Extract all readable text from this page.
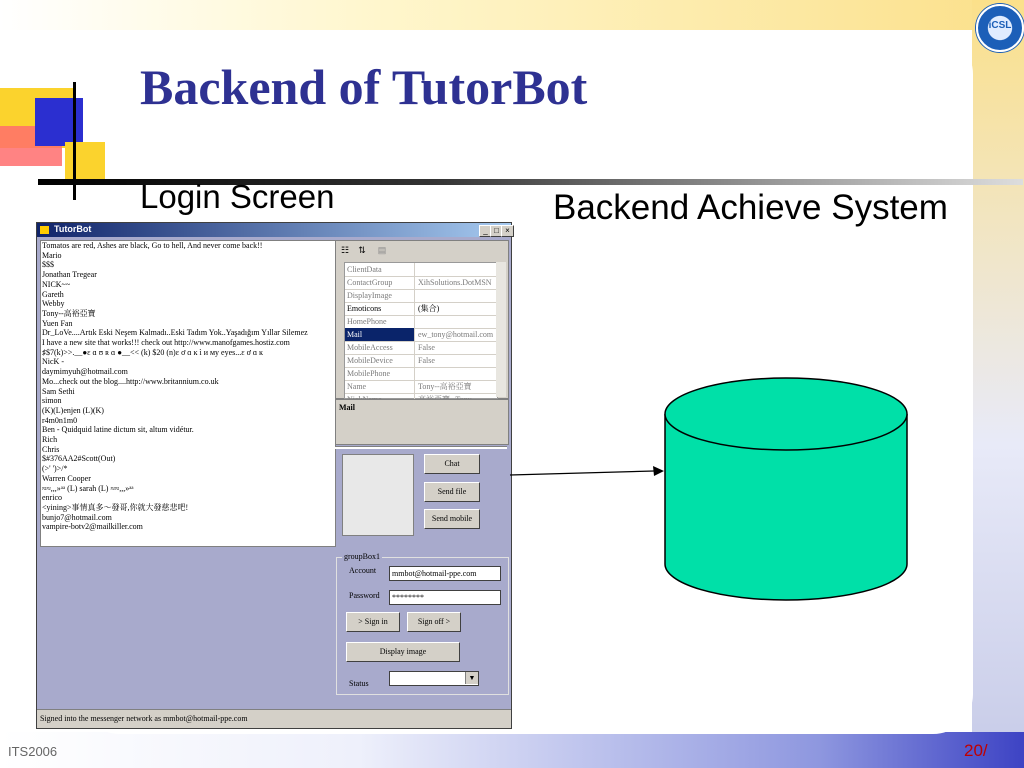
iCSL
Backend of TutorBot
Login Screen	Backend Achieve System
TutorBot	_ □ ×
Tomatos are red, Ashes are black, Go to hell, And never come back!!
Mario
$$$
Jonathan Tregear
NICK~~
Gareth
Webby
Tony--高裕亞寶
Yuen Fan
Dr_LoVe....Artık Eski Neşem Kalmadı..Eski Tadım Yok..Yaşadığım Yıllar Silemez
I have a new site that works!!! check out http://www.manofgames.hostiz.com
♯$7(k)>>.__●ε ɑ ʊ ʀ ɑ ●__<< (k) $20 (n)ɛ ơ ɑ ĸ ì и му eyes...ɛ ơ ɑ ĸ
NicK -
daymimyuh@hotmail.com
Mo...check out the blog....http://www.britannium.co.uk
Sam Sethi
simon
(K)(L)enjen (L)(K)
r4m0n1m0
Ben - Quidquid latine dictum sit, altum vidétur.
Rich
Chris
$#376AA2#Scott(Out)
(>' ')>/*
Warren Cooper
≈≈,,,»ᵃᵃ (L) sarah (L) ≈≈,,,»ᵃᵃ
enrico
<yining>事情真多～發哥,你就大發慈悲吧!
bunjo7@hotmail.com
vampire-botv2@mailkiller.com
☷ ⇅ ▤
ClientData
ContactGroup	XihSolutions.DotMSN
DisplayImage
Emoticons	(集合)
HomePhone
Mail	ew_tony@hotmail.com
MobileAccess	False
MobileDevice	False
MobilePhone
Name	Tony--高裕亞寶
Mail
Chat
Send file
Send mobile
groupBox1
Account	mmbot@hotmail-ppe.com
Password	********
> Sign in	Sign off >
Display image
Status
▼
Signed into the messenger network as mmbot@hotmail-ppe.com
ITS2006	20/
